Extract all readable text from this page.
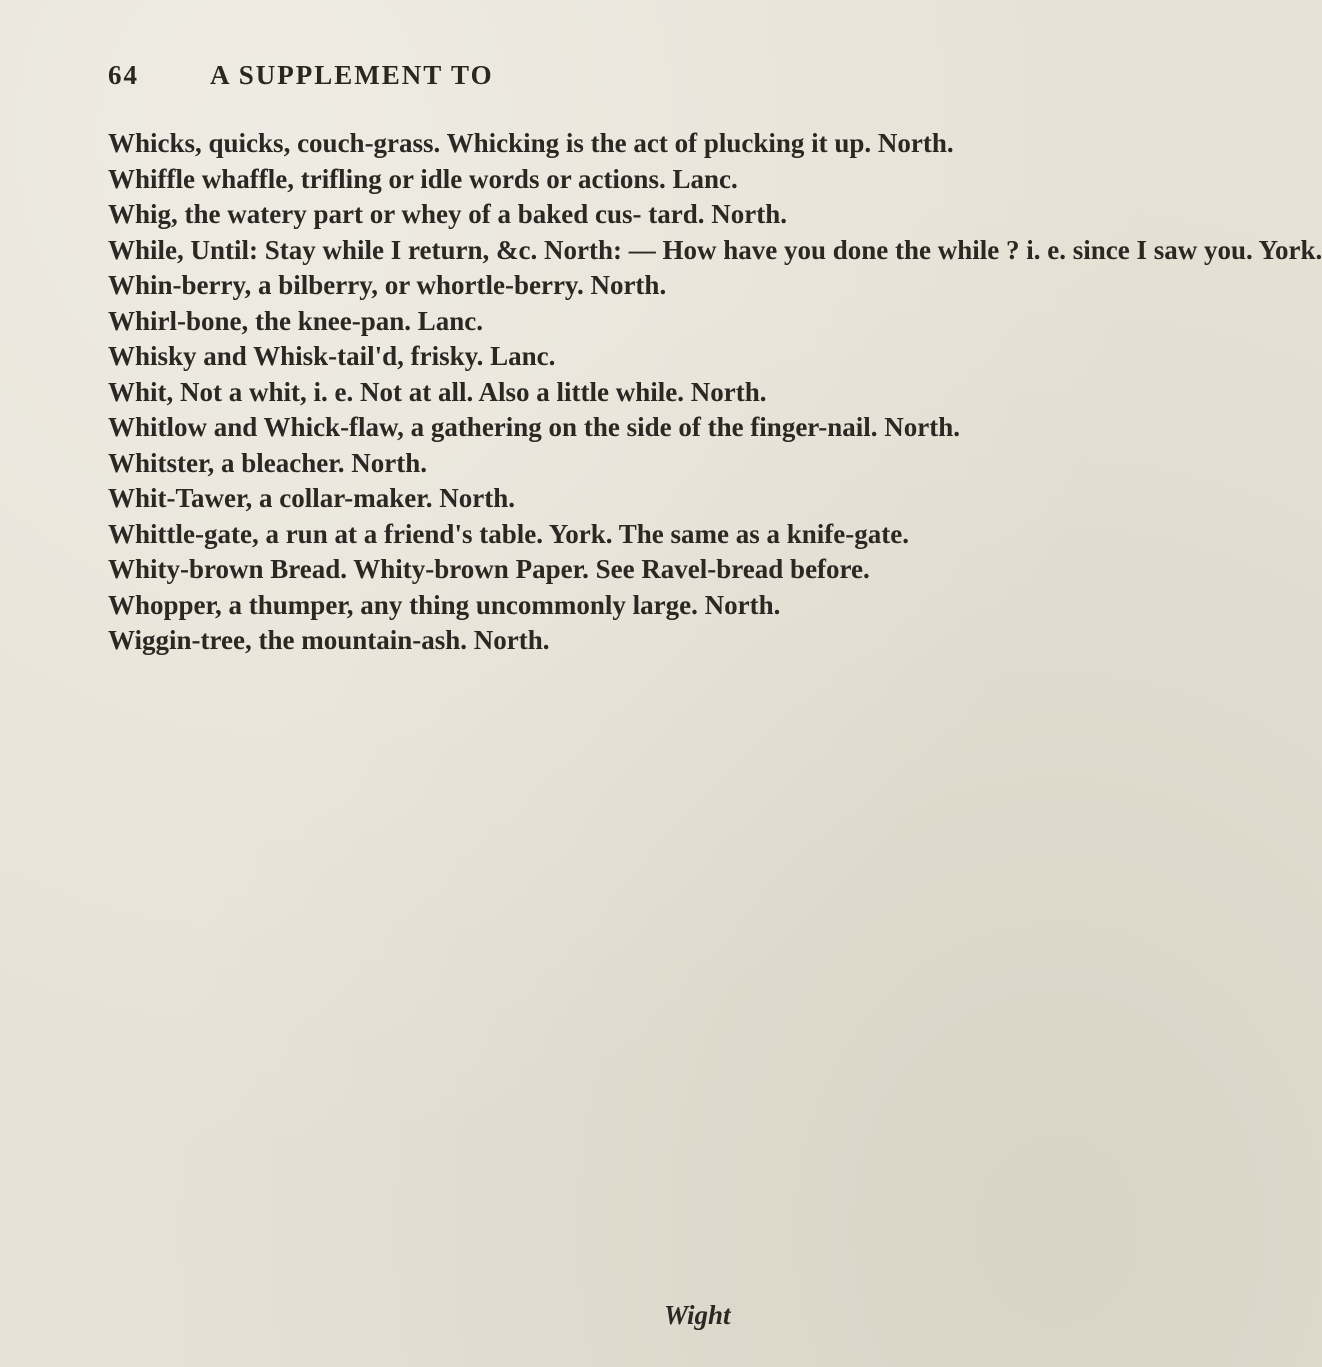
64	A SUPPLEMENT TO

Whicks, quicks, couch-grass. Whicking is the act of plucking it up. North.

Whiffle whaffle, trifling or idle words or actions. Lanc.

Whig, the watery part or whey of a baked cus- tard. North.

While, Until: Stay while I return, &c. North: — How have you done the while ? i. e. since I saw you. York.

Whin-berry, a bilberry, or whortle-berry. North.

Whirl-bone, the knee-pan. Lanc.

Whisky and Whisk-tail'd, frisky. Lanc.

Whit, Not a whit, i. e. Not at all. Also a little while. North.

Whitlow and Whick-flaw, a gathering on the side of the finger-nail. North.

Whitster, a bleacher. North.

Whit-Tawer, a collar-maker. North.

Whittle-gate, a run at a friend's table. York. The same as a knife-gate.

Whity-brown Bread. Whity-brown Paper. See Ravel-bread before.

Whopper, a thumper, any thing uncommonly large. North.

Wiggin-tree, the mountain-ash. North.

Wight
